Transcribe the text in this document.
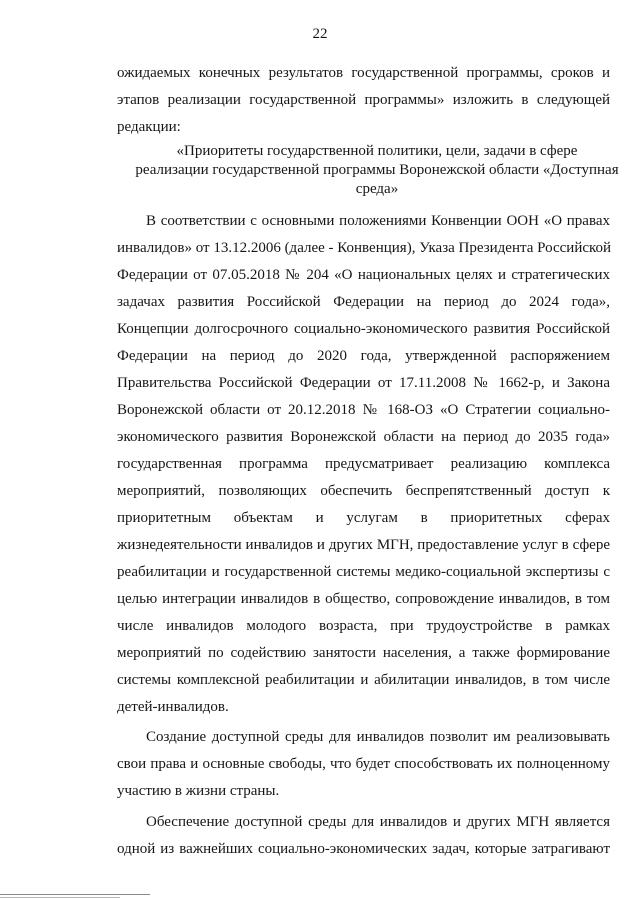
22
ожидаемых конечных результатов государственной программы, сроков и
этапов реализации государственной программы» изложить в следующей
редакции:
«Приоритеты государственной политики, цели, задачи в сфере
реализации государственной программы Воронежской области «Доступная
среда»
В соответствии с основными положениями Конвенции ООН «О правах
инвалидов» от 13.12.2006 (далее - Конвенция), Указа Президента Российской
Федерации от 07.05.2018 № 204 «О национальных целях и стратегических
задачах развития Российской Федерации на период до 2024 года»,
Концепции долгосрочного социально-экономического развития Российской
Федерации на период до 2020 года, утвержденной распоряжением
Правительства Российской Федерации от 17.11.2008 № 1662-р, и Закона
Воронежской области от 20.12.2018 № 168-ОЗ «О Стратегии социально-
экономического развития Воронежской области на период до 2035 года»
государственная программа предусматривает реализацию комплекса
мероприятий, позволяющих обеспечить беспрепятственный доступ к
приоритетным объектам и услугам в приоритетных сферах
жизнедеятельности инвалидов и других МГН, предоставление услуг в сфере
реабилитации и государственной системы медико-социальной экспертизы с
целью интеграции инвалидов в общество, сопровождение инвалидов, в том
числе инвалидов молодого возраста, при трудоустройстве в рамках
мероприятий по содействию занятости населения, а также формирование
системы комплексной реабилитации и абилитации инвалидов, в том числе
детей-инвалидов.
Создание доступной среды для инвалидов позволит им реализовывать
свои права и основные свободы, что будет способствовать их полноценному
участию в жизни страны.
Обеспечение доступной среды для инвалидов и других МГН является
одной из важнейших социально-экономических задач, которые затрагивают
